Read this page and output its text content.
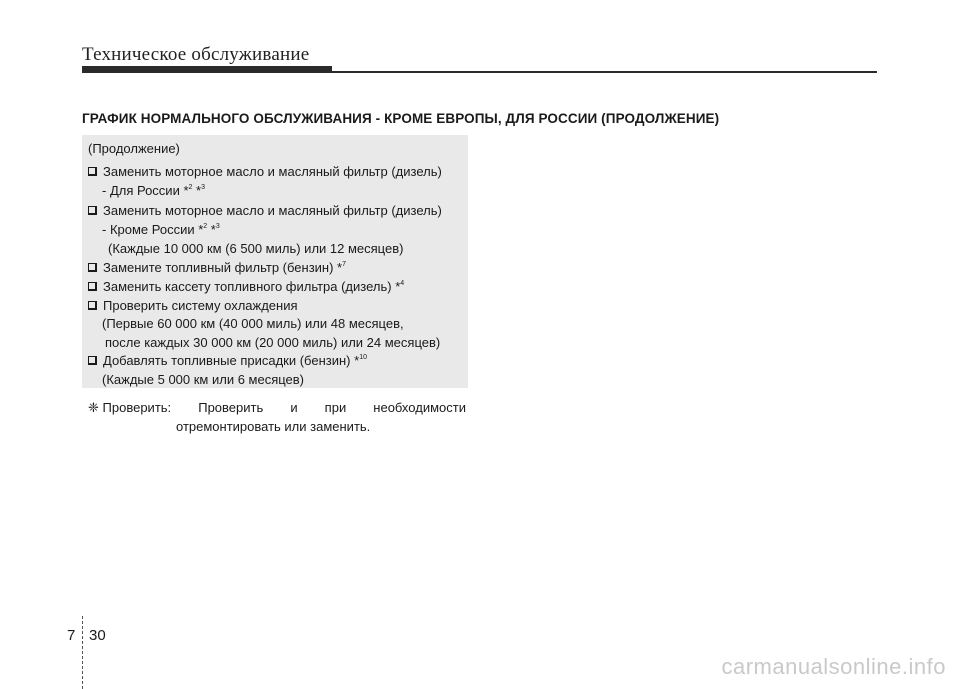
Техническое обслуживание
ГРАФИК НОРМАЛЬНОГО ОБСЛУЖИВАНИЯ - КРОМЕ ЕВРОПЫ, ДЛЯ РОССИИ (ПРОДОЛЖЕНИЕ)
(Продолжение)
Заменить моторное масло и масляный фильтр (дизель)
- Для России *$^2$ *$^3$
Заменить моторное масло и масляный фильтр (дизель)
- Кроме России *$^2$ *$^3$
(Каждые 10 000 км (6 500 миль) или 12 месяцев)
Замените топливный фильтр (бензин) *$^7$
Заменить кассету топливного фильтра (дизель) *$^4$
Проверить систему охлаждения
(Первые 60 000 км (40 000 миль) или 48 месяцев,
после каждых 30 000 км (20 000 миль) или 24 месяцев)
Добавлять топливные присадки (бензин) *$^{10}$
(Каждые 5 000 км или 6 месяцев)
❈ Проверить: Проверить и при необходимости
отремонтировать или заменить.
7 30
carmanualsonline.info
